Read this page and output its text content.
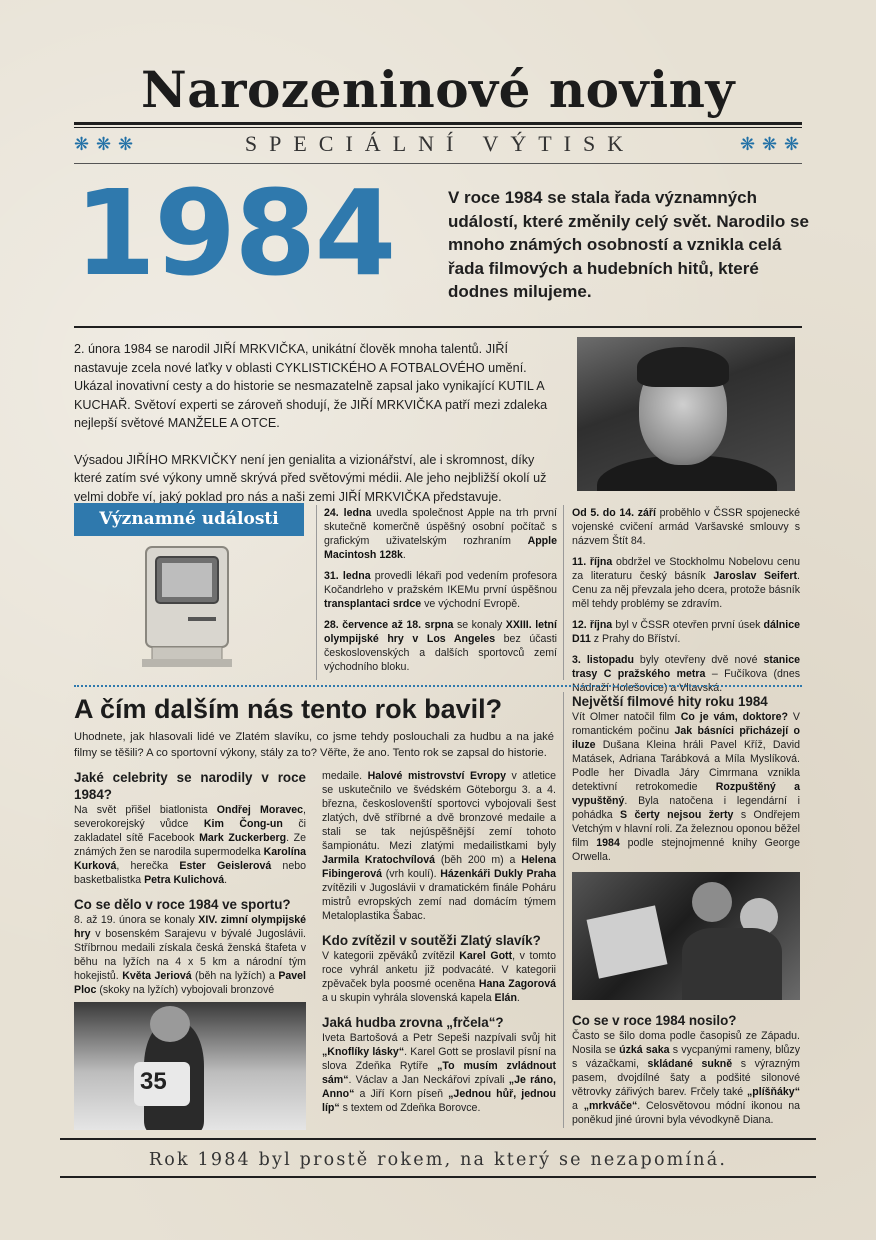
Narozeninové noviny
❋ ❋ ❋	SPECIÁLNÍ VÝTISK	❋ ❋ ❋
1984	V roce 1984 se stala řada významných událostí, které změnily celý svět. Narodilo se mnoho známých osobností a vznikla celá řada filmových a hudebních hitů, které dodnes milujeme.

2. února 1984 se narodil JIŘÍ MRKVIČKA, unikátní člověk mnoha talentů. JIŘÍ nastavuje zcela nové laťky v oblasti CYKLISTICKÉHO A FOTBALOVÉHO umění. Ukázal inovativní cesty a do historie se nesmazatelně zapsal jako vynikající KUTIL A KUCHAŘ. Světoví experti se zároveň shodují, že JIŘÍ MRKVIČKA patří mezi zdaleka nejlepší světové MANŽELE A OTCE.

Výsadou JIŘÍHO MRKVIČKY není jen genialita a vizionářství, ale i skromnost, díky které zatím své výkony umně skrývá před světovými médii. Ale jeho nejbližší okolí už velmi dobře ví, jaký poklad pro nás a naši zemi JIŘÍ MRKVIČKA představuje.

Významné události	24. ledna uvedla společnost Apple na trh první skutečně komerčně úspěšný osobní počítač s grafickým uživatelským rozhraním Apple Macintosh 128k.

31. ledna provedli lékaři pod vedením profesora Kočandrleho v pražském IKEMu první úspěšnou transplantaci srdce ve východní Evropě.

28. července až 18. srpna se konaly XXIII. letní olympijské hry v Los Angeles bez účasti československých a dalších sportovců zemí východního bloku.

Od 5. do 14. září proběhlo v ČSSR spojenecké vojenské cvičení armád Varšavské smlouvy s názvem Štít 84.

11. října obdržel ve Stockholmu Nobelovu cenu za literaturu český básník Jaroslav Seifert. Cenu za něj převzala jeho dcera, protože básník měl tehdy problémy se zdravím.

12. října byl v ČSSR otevřen první úsek dálnice D11 z Prahy do Bříství.

3. listopadu byly otevřeny dvě nové stanice trasy C pražského metra – Fučíkova (dnes Nádraží Holešovice) a Vltavská.

A čím dalším nás tento rok bavil?
Uhodnete, jak hlasovali lidé ve Zlatém slavíku, co jsme tehdy poslouchali za hudbu a na jaké filmy se těšili? A co sportovní výkony, stály za to? Věřte, že ano. Tento rok se zapsal do historie.
Jaké celebrity se narodily v roce 1984?
Na svět přišel biatlonista Ondřej Moravec, severokorejský vůdce Kim Čong-un či zakladatel sítě Facebook Mark Zuckerberg. Ze známých žen se narodila supermodelka Karolína Kurková, herečka Ester Geislerová nebo basketbalistka Petra Kulichová.
Co se dělo v roce 1984 ve sportu?
8. až 19. února se konaly XIV. zimní olympijské hry v bosenském Sarajevu v bývalé Jugoslávii. Stříbrnou medaili získala česká ženská štafeta v běhu na lyžích na 4 x 5 km a národní tým hokejistů. Květa Jeriová (běh na lyžích) a Pavel Ploc (skoky na lyžích) vybojovali bronzové
35
medaile. Halové mistrovství Evropy v atletice se uskutečnilo ve švédském Göteborgu 3. a 4. března, českoslovenští sportovci vybojovali šest zlatých, dvě stříbrné a dvě bronzové medaile a stali se tak nejúspěšnější zemí tohoto šampionátu. Mezi zlatými medailistkami byly Jarmila Kratochvílová (běh 200 m) a Helena Fibingerová (vrh koulí). Házenkáři Dukly Praha zvítězili v Jugoslávii v dramatickém finále Poháru mistrů evropských zemí nad domácím týmem Metaloplastika Šabac.
Kdo zvítězil v soutěži Zlatý slavík?
V kategorii zpěváků zvítězil Karel Gott, v tomto roce vyhrál anketu již podvacáté. V kategorii zpěvaček byla poosmé oceněna Hana Zagorová a u skupin vyhrála slovenská kapela Elán.
Jaká hudba zrovna „frčela“?
Iveta Bartošová a Petr Sepeši nazpívali svůj hit „Knoflíky lásky“. Karel Gott se proslavil písní na slova Zdeňka Rytíře „To musím zvládnout sám“. Václav a Jan Neckářovi zpívali „Je ráno, Anno“ a Jiří Korn píseň „Jednou hůř, jednou líp“ s textem od Zdeňka Borovce.
Největší filmové hity roku 1984
Vít Olmer natočil film Co je vám, doktore? V romantickém počinu Jak básníci přicházejí o iluze Dušana Kleina hráli Pavel Kříž, David Matásek, Adriana Tarábková a Míla Myslíková. Podle her Divadla Járy Cimrmana vznikla detektivní retrokomedie Rozpuštěný a vypuštěný. Byla natočena i legendární i pohádka S čerty nejsou žerty s Ondřejem Vetchým v hlavní roli. Za železnou oponou běžel film 1984 podle stejnojmenné knihy George Orwella.
Co se v roce 1984 nosilo?
Často se šilo doma podle časopisů ze Západu. Nosila se úzká saka s vycpanými rameny, blůzy s vázačkami, skládané sukně s výrazným pasem, dvojdílné šaty a podšité silonové větrovky zářivých barev. Frčely také „plíšňáky“ a „mrkváče“. Celosvětovou módní ikonou na poněkud jiné úrovni byla vévodkyně Diana.
Rok 1984 byl prostě rokem, na který se nezapomíná.
